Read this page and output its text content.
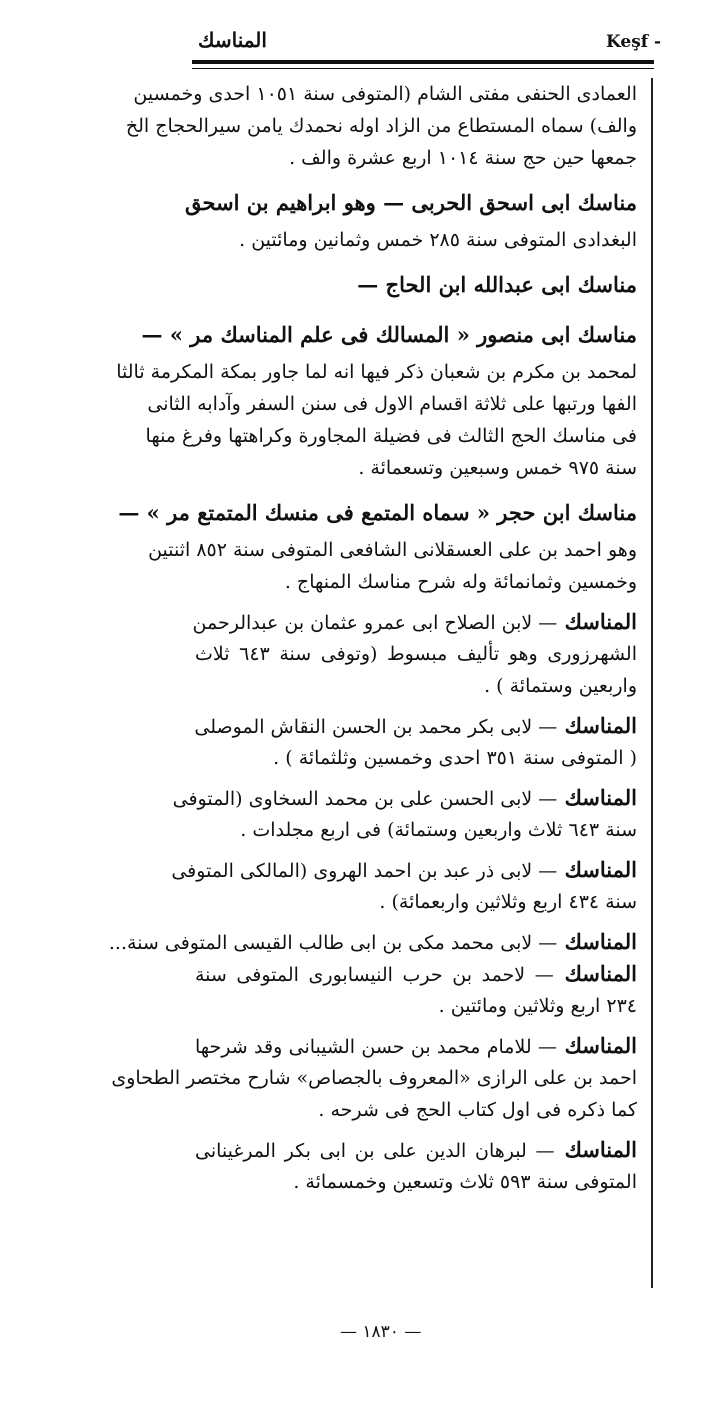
Keşf -
المناسك

العمادى الحنفى مفتى الشام (المتوفى سنة ١٠٥١ احدى وخمسين

والف) سماه المستطاع من الزاد اوله نحمدك يامن سيرالحجاج الخ

جمعها حين حج سنة ١٠١٤ اربع عشرة والف .

مناسك ابى اسحق الحربى — وهو ابراهيم بن اسحق

البغدادى المتوفى سنة ٢٨٥ خمس وثمانين ومائتين .

مناسك ابى عبدالله ابن الحاج —

مناسك ابى منصور « المسالك فى علم المناسك مر » —

لمحمد بن مكرم بن شعبان ذكر فيها انه لما جاور بمكة المكرمة ثالثا

الفها ورتبها على ثلاثة اقسام الاول فى سنن السفر وآدابه الثانى

فى مناسك الحج الثالث فى فضيلة المجاورة وكراهتها وفرغ منها

سنة ٩٧٥ خمس وسبعين وتسعمائة .

مناسك ابن حجر « سماه المتمع فى منسك المتمتع مر » —

وهو احمد بن على العسقلانى الشافعى المتوفى سنة ٨٥٢ اثنتين

وخمسين وثمانمائة وله شرح مناسك المنهاج .

المناسك — لابن الصلاح ابى عمرو عثمان بن عبدالرحمن

الشهرزورى وهو تأليف مبسوط (وتوفى سنة ٦٤٣ ثلاث

واربعين وستمائة ) .

المناسك — لابى بكر محمد بن الحسن النقاش الموصلى

( المتوفى سنة ٣٥١ احدى وخمسين وثلثمائة ) .

المناسك — لابى الحسن على بن محمد السخاوى (المتوفى

سنة ٦٤٣ ثلاث واربعين وستمائة) فى اربع مجلدات .

المناسك — لابى ذر عبد بن احمد الهروى (المالكى المتوفى

سنة ٤٣٤ اربع وثلاثين واربعمائة) .

المناسك — لابى محمد مكى بن ابى طالب القيسى المتوفى سنة...

المناسك — لاحمد بن حرب النيسابورى المتوفى سنة

٢٣٤ اربع وثلاثين ومائتين .

المناسك — للامام محمد بن حسن الشيبانى وقد شرحها

احمد بن على الرازى «المعروف بالجصاص» شارح مختصر الطحاوى

كما ذكره فى اول كتاب الحج فى شرحه .

المناسك — لبرهان الدين على بن ابى بكر المرغينانى

المتوفى سنة ٥٩٣ ثلاث وتسعين وخمسمائة .

— ١٨٣٠ —
